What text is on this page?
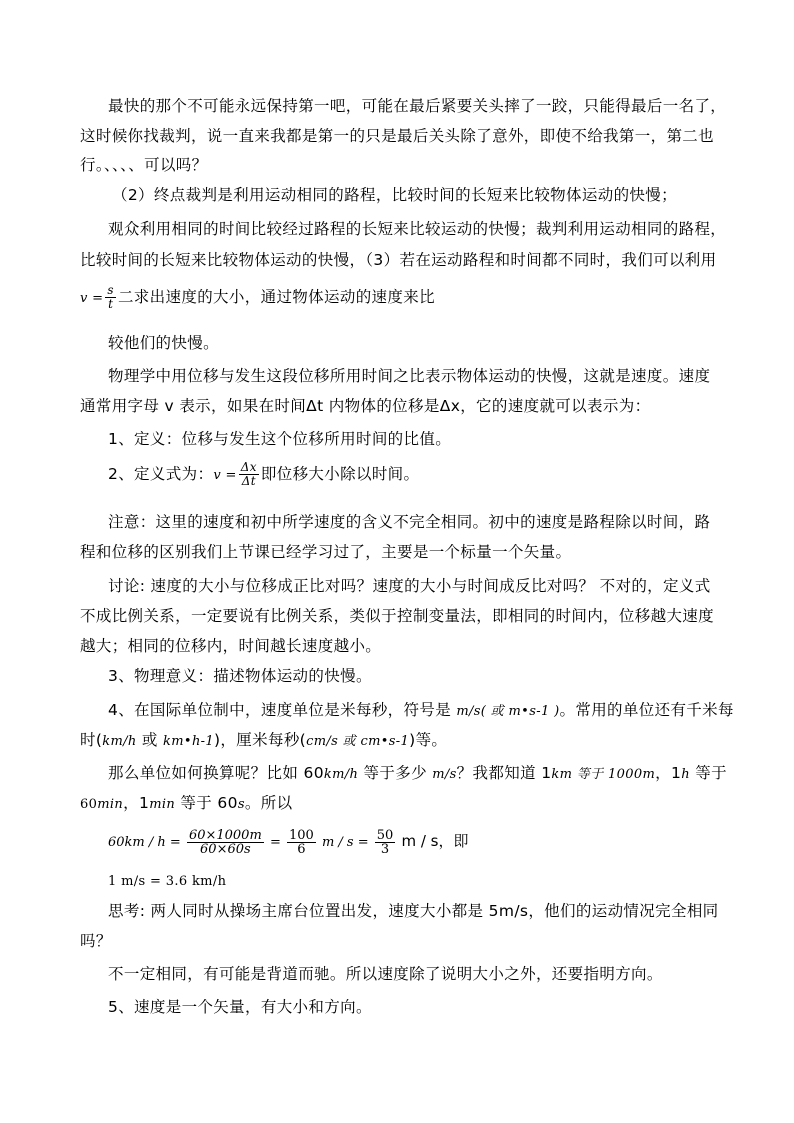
最快的那个不可能永远保持第一吧，可能在最后紧要关头摔了一跤，只能得最后一名了，
这时候你找裁判，说一直来我都是第一的只是最后关头除了意外，即使不给我第一，第二也
行。、、、、可以吗？
（2）终点裁判是利用运动相同的路程，比较时间的长短来比较物体运动的快慢；
观众利用相同的时间比较经过路程的长短来比较运动的快慢；裁判利用运动相同的路程，
比较时间的长短来比较物体运动的快慢，（3）若在运动路程和时间都不同时，我们可以利用
$v = \frac{s}{t}$ 二求出速度的大小，通过物体运动的速度来比
较他们的快慢。
物理学中用位移与发生这段位移所用时间之比表示物体运动的快慢，这就是速度。速度
通常用字母 v 表示，如果在时间Δt 内物体的位移是Δx，它的速度就可以表示为：
1、定义：位移与发生这个位移所用时间的比值。
2、定义式为：$v = \frac{\Delta x}{\Delta t}$ 即位移大小除以时间。
注意：这里的速度和初中所学速度的含义不完全相同。初中的速度是路程除以时间，路
程和位移的区别我们上节课已经学习过了，主要是一个标量一个矢量。
讨论: 速度的大小与位移成正比对吗？速度的大小与时间成反比对吗？ 不对的，定义式
不成比例关系，一定要说有比例关系，类似于控制变量法，即相同的时间内，位移越大速度
越大；相同的位移内，时间越长速度越小。
3、物理意义：描述物体运动的快慢。
4、在国际单位制中，速度单位是米每秒，符号是 m/s( 或 m•s-1 )。常用的单位还有千米每
时(km/h 或 km•h-1)，厘米每秒(cm/s 或 cm•s-1)等。
那么单位如何换算呢？比如 60km/h 等于多少 m/s？我都知道 1km 等于 1000m，1h 等于
60min，1min 等于 60s。所以
$60km / h = \frac{60\times 1000m}{60\times 60s} = \frac{100}{6}$ $m / s = \frac{50}{3}$ m / s，即
1 m/s = 3.6 km/h
思考: 两人同时从操场主席台位置出发，速度大小都是 5m/s，他们的运动情况完全相同
吗？
不一定相同，有可能是背道而驰。所以速度除了说明大小之外，还要指明方向。
5、速度是一个矢量，有大小和方向。
